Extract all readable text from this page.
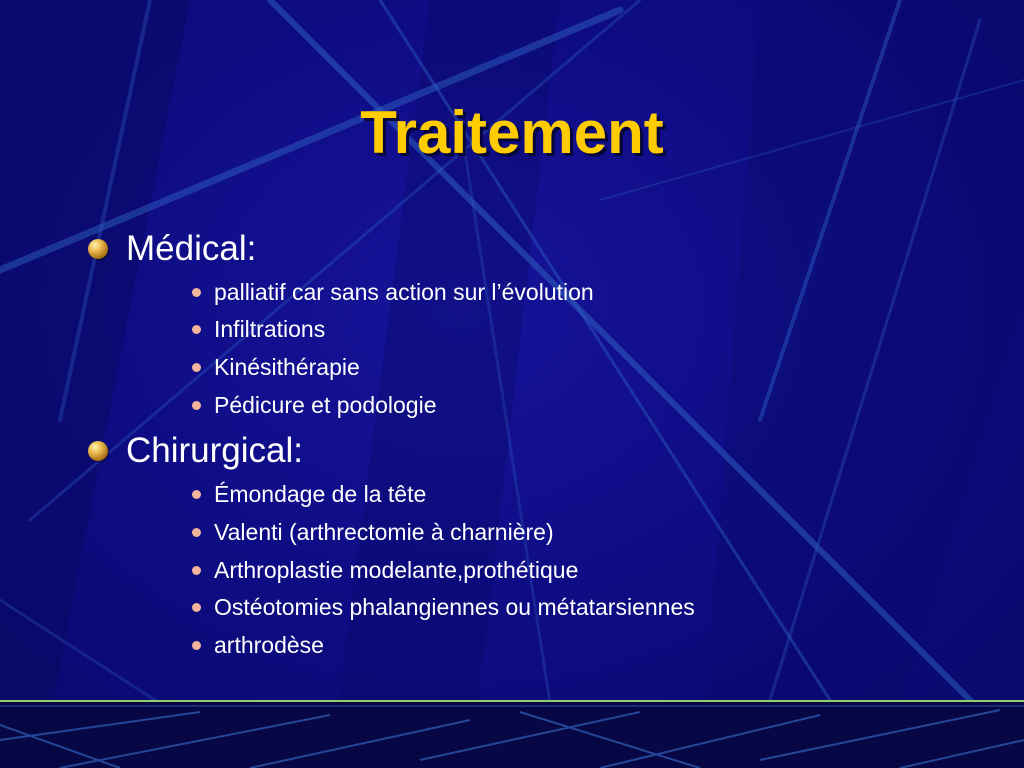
Traitement
Médical:
palliatif car sans action sur l’évolution
Infiltrations
Kinésithérapie
Pédicure et podologie
Chirurgical:
Émondage de la tête
Valenti (arthrectomie à charnière)
Arthroplastie modelante,prothétique
Ostéotomies phalangiennes ou métatarsiennes
arthrodèse
